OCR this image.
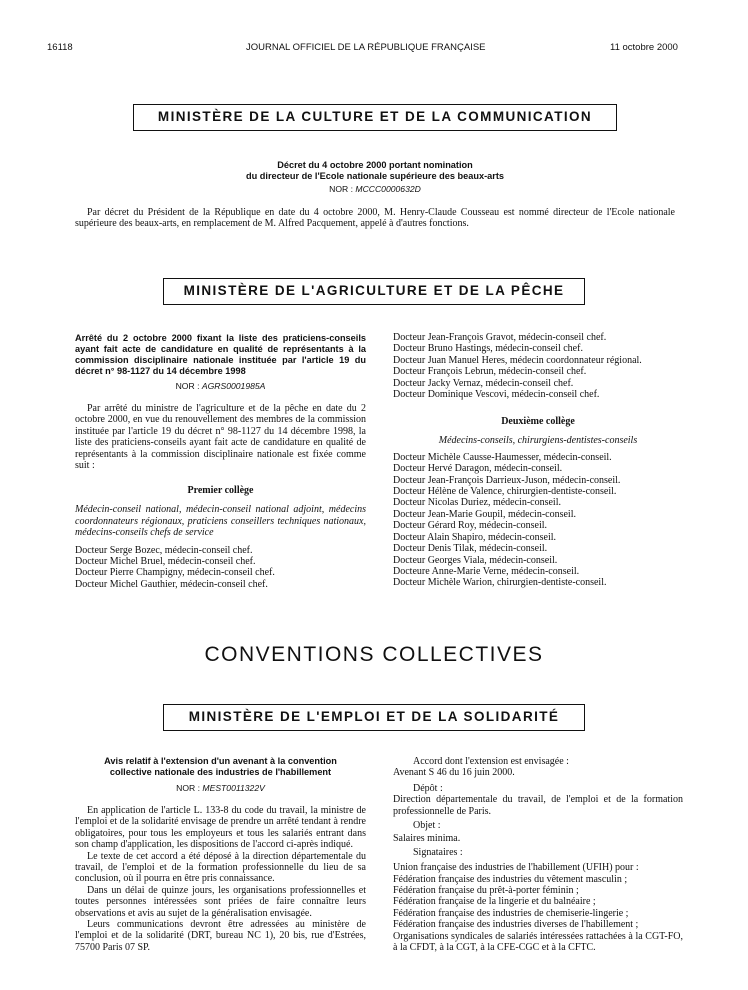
16118	JOURNAL OFFICIEL DE LA RÉPUBLIQUE FRANÇAISE	11 octobre 2000
MINISTÈRE DE LA CULTURE ET DE LA COMMUNICATION
Décret du 4 octobre 2000 portant nomination
du directeur de l'Ecole nationale supérieure des beaux-arts
NOR : MCCC0000632D
Par décret du Président de la République en date du 4 octobre 2000, M. Henry-Claude Cousseau est nommé directeur de l'Ecole nationale supérieure des beaux-arts, en remplacement de M. Alfred Pacquement, appelé à d'autres fonctions.
MINISTÈRE DE L'AGRICULTURE ET DE LA PÊCHE
Arrêté du 2 octobre 2000 fixant la liste des praticiens-conseils ayant fait acte de candidature en qualité de représentants à la commission disciplinaire nationale instituée par l'article 19 du décret n° 98-1127 du 14 décembre 1998
NOR : AGRS0001985A
Par arrêté du ministre de l'agriculture et de la pêche en date du 2 octobre 2000, en vue du renouvellement des membres de la commission instituée par l'article 19 du décret n° 98-1127 du 14 décembre 1998, la liste des praticiens-conseils ayant fait acte de candidature en qualité de représentants à la commission disciplinaire nationale est fixée comme suit :
Premier collège
Médecin-conseil national, médecin-conseil national adjoint, médecins coordonnateurs régionaux, praticiens conseillers techniques nationaux, médecins-conseils chefs de service
Docteur Serge Bozec, médecin-conseil chef.
Docteur Michel Bruel, médecin-conseil chef.
Docteur Pierre Champigny, médecin-conseil chef.
Docteur Michel Gauthier, médecin-conseil chef.
Docteur Jean-François Gravot, médecin-conseil chef.
Docteur Bruno Hastings, médecin-conseil chef.
Docteur Juan Manuel Heres, médecin coordonnateur régional.
Docteur François Lebrun, médecin-conseil chef.
Docteur Jacky Vernaz, médecin-conseil chef.
Docteur Dominique Vescovi, médecin-conseil chef.
Deuxième collège
Médecins-conseils, chirurgiens-dentistes-conseils
Docteur Michèle Causse-Haumesser, médecin-conseil.
Docteur Hervé Daragon, médecin-conseil.
Docteur Jean-François Darrieux-Juson, médecin-conseil.
Docteur Hélène de Valence, chirurgien-dentiste-conseil.
Docteur Nicolas Duriez, médecin-conseil.
Docteur Jean-Marie Goupil, médecin-conseil.
Docteur Gérard Roy, médecin-conseil.
Docteur Alain Shapiro, médecin-conseil.
Docteur Denis Tilak, médecin-conseil.
Docteur Georges Viala, médecin-conseil.
Docteure Anne-Marie Verne, médecin-conseil.
Docteur Michèle Warion, chirurgien-dentiste-conseil.
CONVENTIONS COLLECTIVES
MINISTÈRE DE L'EMPLOI ET DE LA SOLIDARITÉ
Avis relatif à l'extension d'un avenant à la convention
collective nationale des industries de l'habillement
NOR : MEST0011322V
En application de l'article L. 133-8 du code du travail, la ministre de l'emploi et de la solidarité envisage de prendre un arrêté tendant à rendre obligatoires, pour tous les employeurs et tous les salariés entrant dans son champ d'application, les dispositions de l'accord ci-après indiqué.
Le texte de cet accord a été déposé à la direction départementale du travail, de l'emploi et de la formation professionnelle du lieu de sa conclusion, où il pourra en être pris connaissance.
Dans un délai de quinze jours, les organisations professionnelles et toutes personnes intéressées sont priées de faire connaître leurs observations et avis au sujet de la généralisation envisagée.
Leurs communications devront être adressées au ministère de l'emploi et de la solidarité (DRT, bureau NC 1), 20 bis, rue d'Estrées, 75700 Paris 07 SP.
Accord dont l'extension est envisagée :
Avenant S 46 du 16 juin 2000.
Dépôt :
Direction départementale du travail, de l'emploi et de la formation professionnelle de Paris.
Objet :
Salaires minima.
Signataires :
Union française des industries de l'habillement (UFIH) pour :
Fédération française des industries du vêtement masculin ;
Fédération française du prêt-à-porter féminin ;
Fédération française de la lingerie et du balnéaire ;
Fédération française des industries de chemiserie-lingerie ;
Fédération française des industries diverses de l'habillement ;
Organisations syndicales de salariés intéressées rattachées à la CGT-FO, à la CFDT, à la CGT, à la CFE-CGC et à la CFTC.
